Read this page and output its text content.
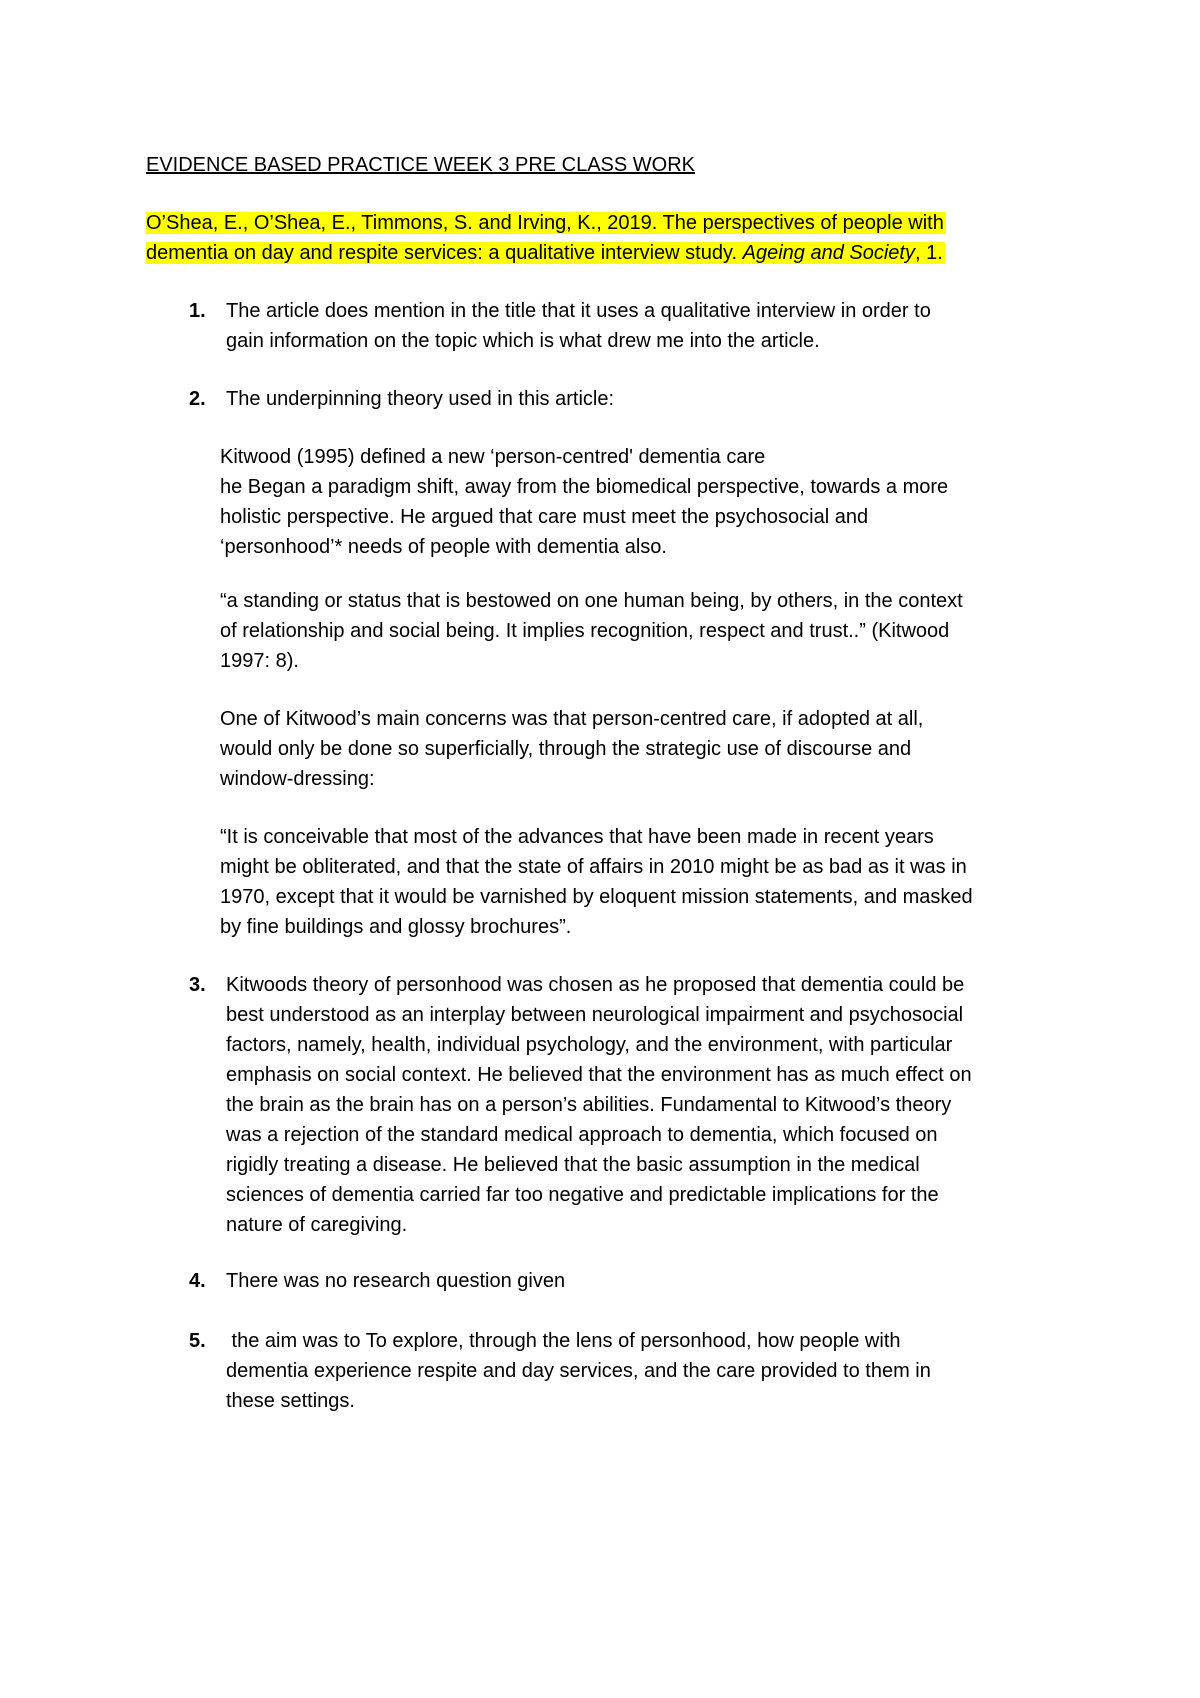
EVIDENCE BASED PRACTICE WEEK 3 PRE CLASS WORK
O’Shea, E., O’Shea, E., Timmons, S. and Irving, K., 2019. The perspectives of people with
dementia on day and respite services: a qualitative interview study. Ageing and Society, 1.
1. The article does mention in the title that it uses a qualitative interview in order to
gain information on the topic which is what drew me into the article.
2. The underpinning theory used in this article:
Kitwood (1995) defined a new ‘person-centred' dementia care
he Began a paradigm shift, away from the biomedical perspective, towards a more
holistic perspective. He argued that care must meet the psychosocial and
‘personhood’* needs of people with dementia also.
“a standing or status that is bestowed on one human being, by others, in the context
of relationship and social being. It implies recognition, respect and trust..” (Kitwood
1997: 8).
One of Kitwood’s main concerns was that person-centred care, if adopted at all,
would only be done so superficially, through the strategic use of discourse and
window-dressing:
“It is conceivable that most of the advances that have been made in recent years
might be obliterated, and that the state of affairs in 2010 might be as bad as it was in
1970, except that it would be varnished by eloquent mission statements, and masked
by fine buildings and glossy brochures”.
3. Kitwoods theory of personhood was chosen as he proposed that dementia could be
best understood as an interplay between neurological impairment and psychosocial
factors, namely, health, individual psychology, and the environment, with particular
emphasis on social context. He believed that the environment has as much effect on
the brain as the brain has on a person’s abilities. Fundamental to Kitwood’s theory
was a rejection of the standard medical approach to dementia, which focused on
rigidly treating a disease. He believed that the basic assumption in the medical
sciences of dementia carried far too negative and predictable implications for the
nature of caregiving.
4. There was no research question given
5. the aim was to To explore, through the lens of personhood, how people with
dementia experience respite and day services, and the care provided to them in
these settings.
